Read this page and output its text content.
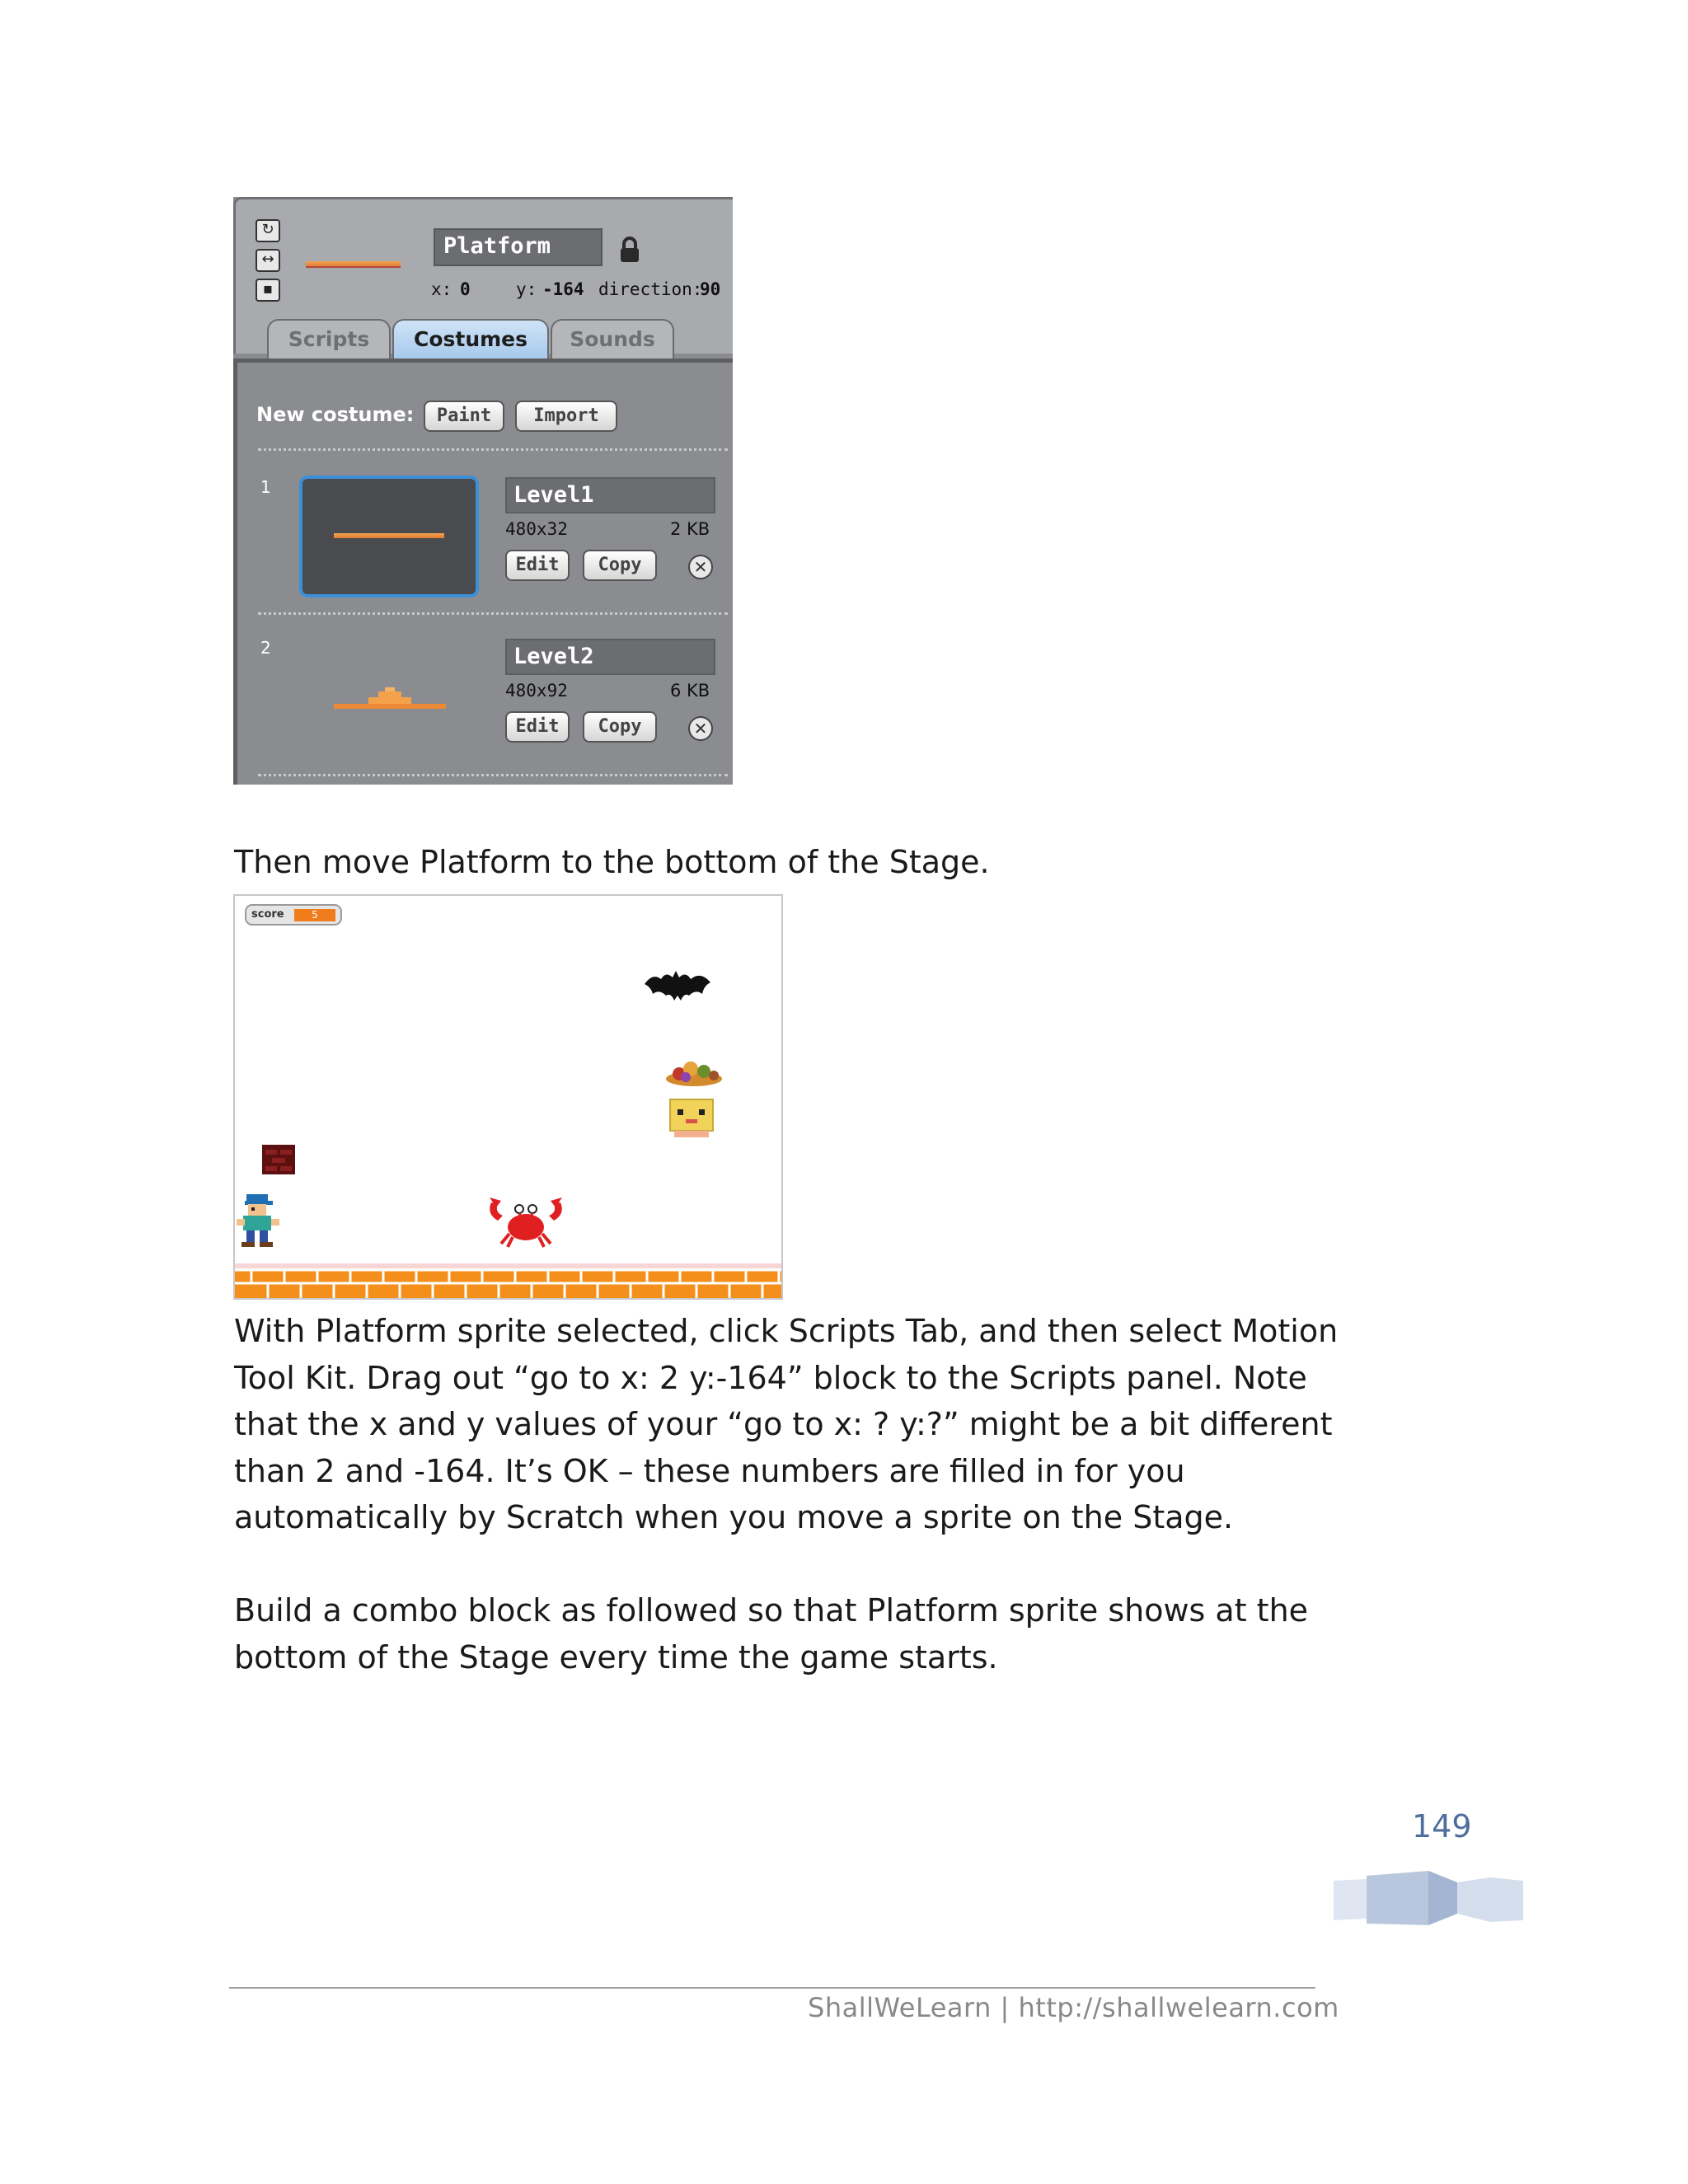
↻
↔
▪
Platform
x: 0	y: -164 direction:
90
Scripts	Costumes	Sounds
New costume:	Paint	Import
1	Level1
480x32	2 KB
Edit	Copy	✕
2	Level2
480x92	6 KB
Edit	Copy	✕

Then move Platform to the bottom of the Stage.

score	5

With Platform sprite selected, click Scripts Tab, and then select Motion Tool Kit. Drag out “go to x: 2 y:-164” block to the Scripts panel. Note that the x and y values of your “go to x: ? y:?” might be a bit different than 2 and -164. It’s OK – these numbers are filled in for you automatically by Scratch when you move a sprite on the Stage.

Build a combo block as followed so that Platform sprite shows at the bottom of the Stage every time the game starts.

149
ShallWeLearn | http://shallwelearn.com
